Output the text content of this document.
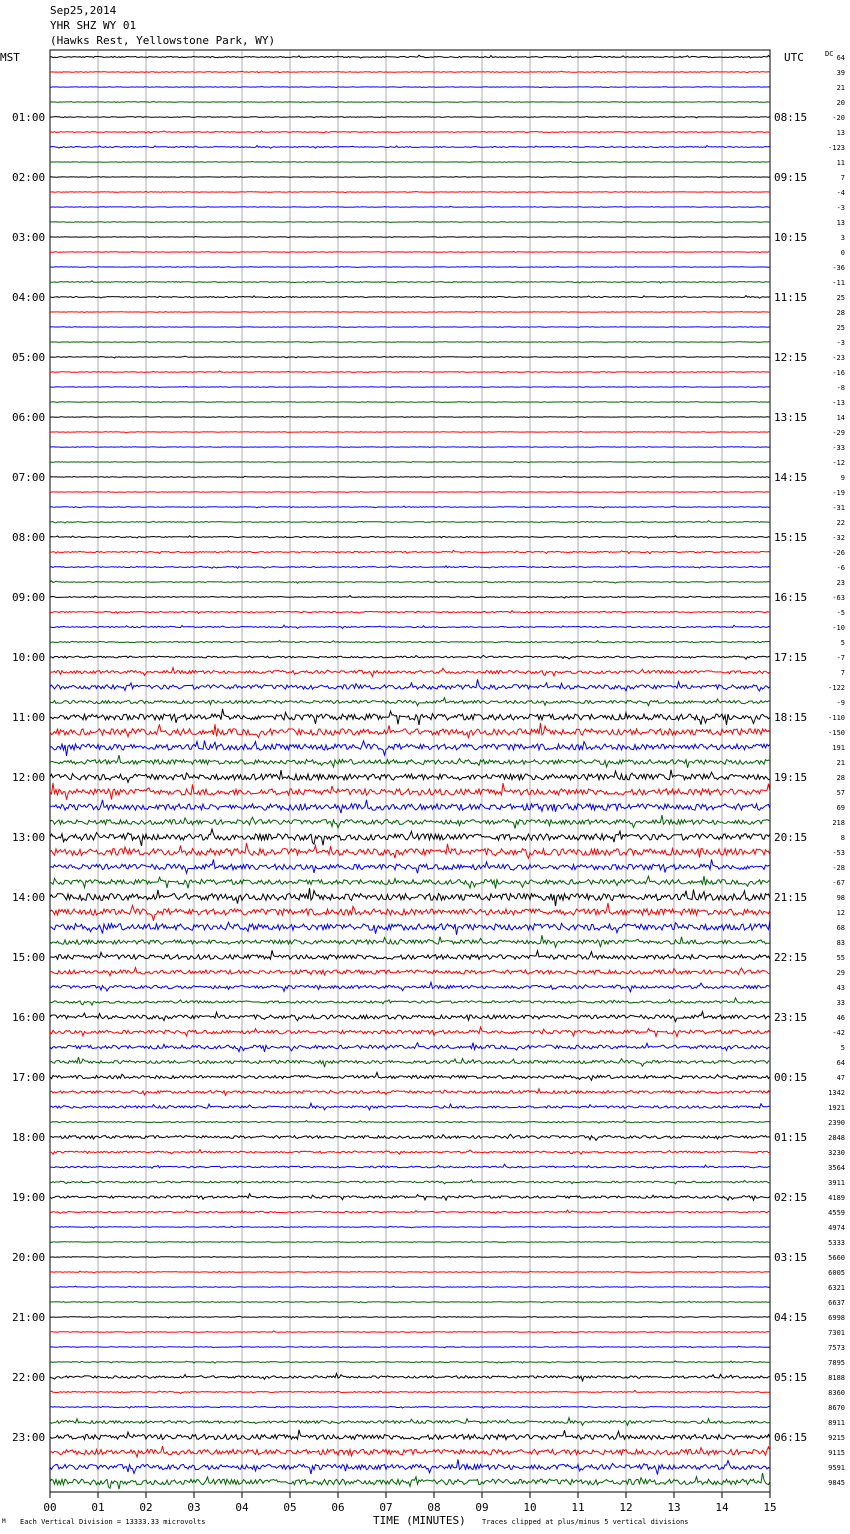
Sep25,2014
YHR SHZ WY 01
(Hawks Rest, Yellowstone Park, WY)
MST	UTC	DC
01:00
02:00
03:00
04:00
05:00
06:00
07:00
08:00
09:00
10:00
11:00
12:00
13:00
14:00
15:00
16:00
17:00
18:00
19:00
20:00
21:00
22:00
23:00
08:15
09:15
10:15
11:15
12:15
13:15
14:15
15:15
16:15
17:15
18:15
19:15
20:15
21:15
22:15
23:15
00:15
01:15
02:15
03:15
04:15
05:15
06:15
64
39
21
20
-20
13
-123
11
7
-4
-3
13
3
0
-36
-11
25
28
25
-3
-23
-16
-8
-13
14
-29
-33
-12
9
-19
-31
22
-32
-26
-6
23
-63
-5
-10
5
-7
7
-122
-9
-110
-150
191
21
28
57
69
218
8
-53
-28
-67
98
12
68
83
55
29
43
33
46
-42
5
64
47
1342
1921
2390
2848
3230
3564
3911
4189
4559
4974
5333
5660
6005
6321
6637
6998
7301
7573
7895
8188
8360
8670
8911
9215
9115
9591
9845
00	01	02	03	04	05	06	07	08	09	10	11	12	13	14	15
M Each Vertical Division = 13333.33 microvolts	TIME (MINUTES) Traces clipped at plus/minus 5 vertical divisions
